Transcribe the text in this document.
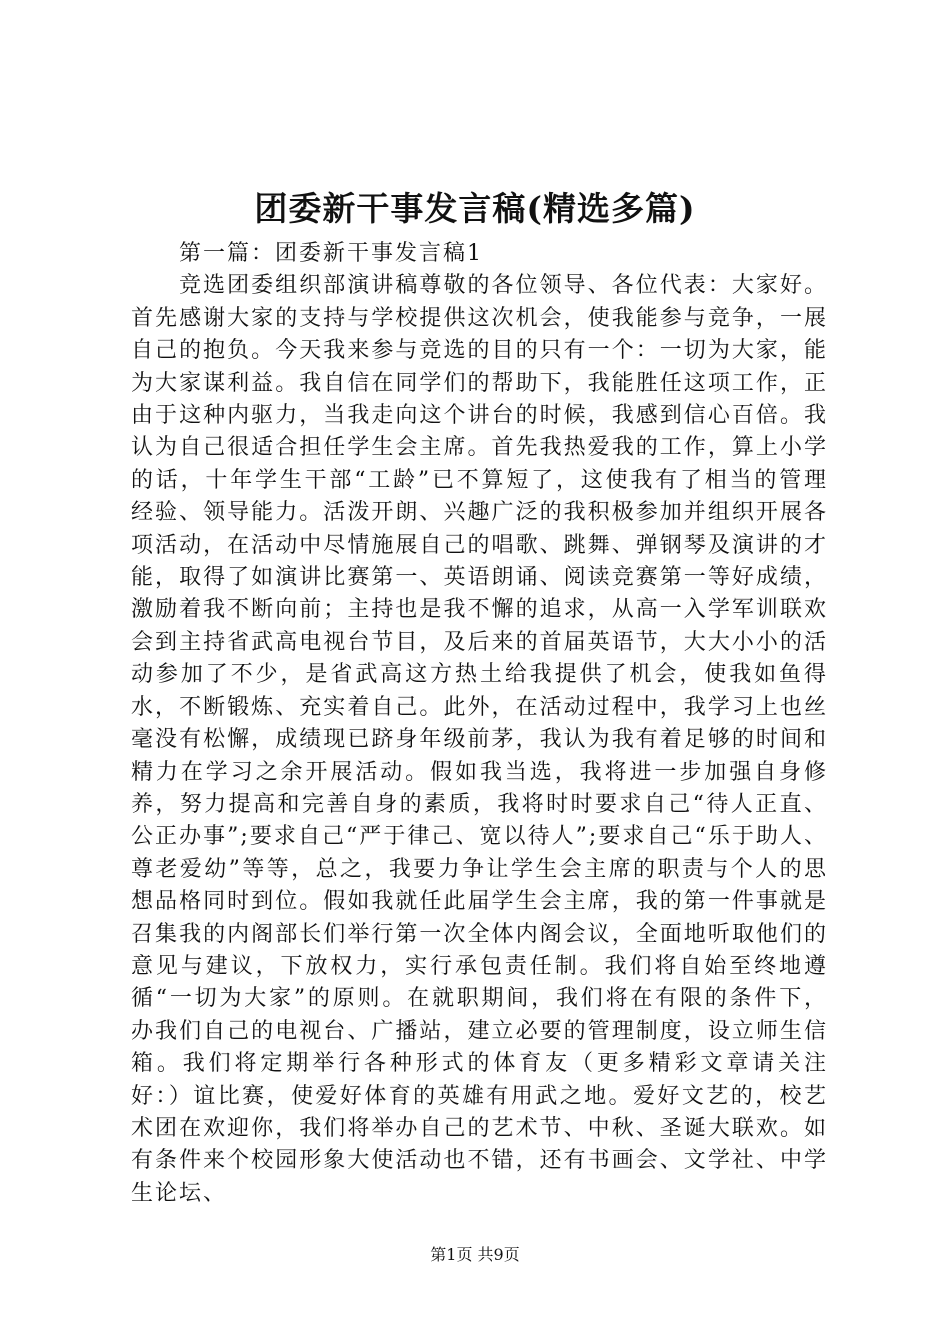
团委新干事发言稿(精选多篇)

第一篇：团委新干事发言稿1

竞选团委组织部演讲稿尊敬的各位领导、各位代表：大家好。首先感谢大家的支持与学校提供这次机会，使我能参与竞争，一展自己的抱负。今天我来参与竞选的目的只有一个：一切为大家，能为大家谋利益。我自信在同学们的帮助下，我能胜任这项工作，正由于这种内驱力，当我走向这个讲台的时候，我感到信心百倍。我认为自己很适合担任学生会主席。首先我热爱我的工作，算上小学的话，十年学生干部“工龄”已不算短了，这使我有了相当的管理经验、领导能力。活泼开朗、兴趣广泛的我积极参加并组织开展各项活动，在活动中尽情施展自己的唱歌、跳舞、弹钢琴及演讲的才能，取得了如演讲比赛第一、英语朗诵、阅读竞赛第一等好成绩，激励着我不断向前；主持也是我不懈的追求，从高一入学军训联欢会到主持省武高电视台节目，及后来的首届英语节，大大小小的活动参加了不少，是省武高这方热土给我提供了机会，使我如鱼得水，不断锻炼、充实着自己。此外，在活动过程中，我学习上也丝毫没有松懈，成绩现已跻身年级前茅，我认为我有着足够的时间和精力在学习之余开展活动。假如我当选，我将进一步加强自身修养，努力提高和完善自身的素质，我将时时要求自己“待人正直、公正办事”;要求自己“严于律己、宽以待人”;要求自己“乐于助人、尊老爱幼”等等，总之，我要力争让学生会主席的职责与个人的思想品格同时到位。假如我就任此届学生会主席，我的第一件事就是召集我的内阁部长们举行第一次全体内阁会议，全面地听取他们的意见与建议，下放权力，实行承包责任制。我们将自始至终地遵循“一切为大家”的原则。在就职期间，我们将在有限的条件下，办我们自己的电视台、广播站，建立必要的管理制度，设立师生信箱。我们将定期举行各种形式的体育友（更多精彩文章请关注好：）谊比赛，使爱好体育的英雄有用武之地。爱好文艺的，校艺术团在欢迎你，我们将举办自己的艺术节、中秋、圣诞大联欢。如有条件来个校园形象大使活动也不错，还有书画会、文学社、中学生论坛、

第1页 共9页
